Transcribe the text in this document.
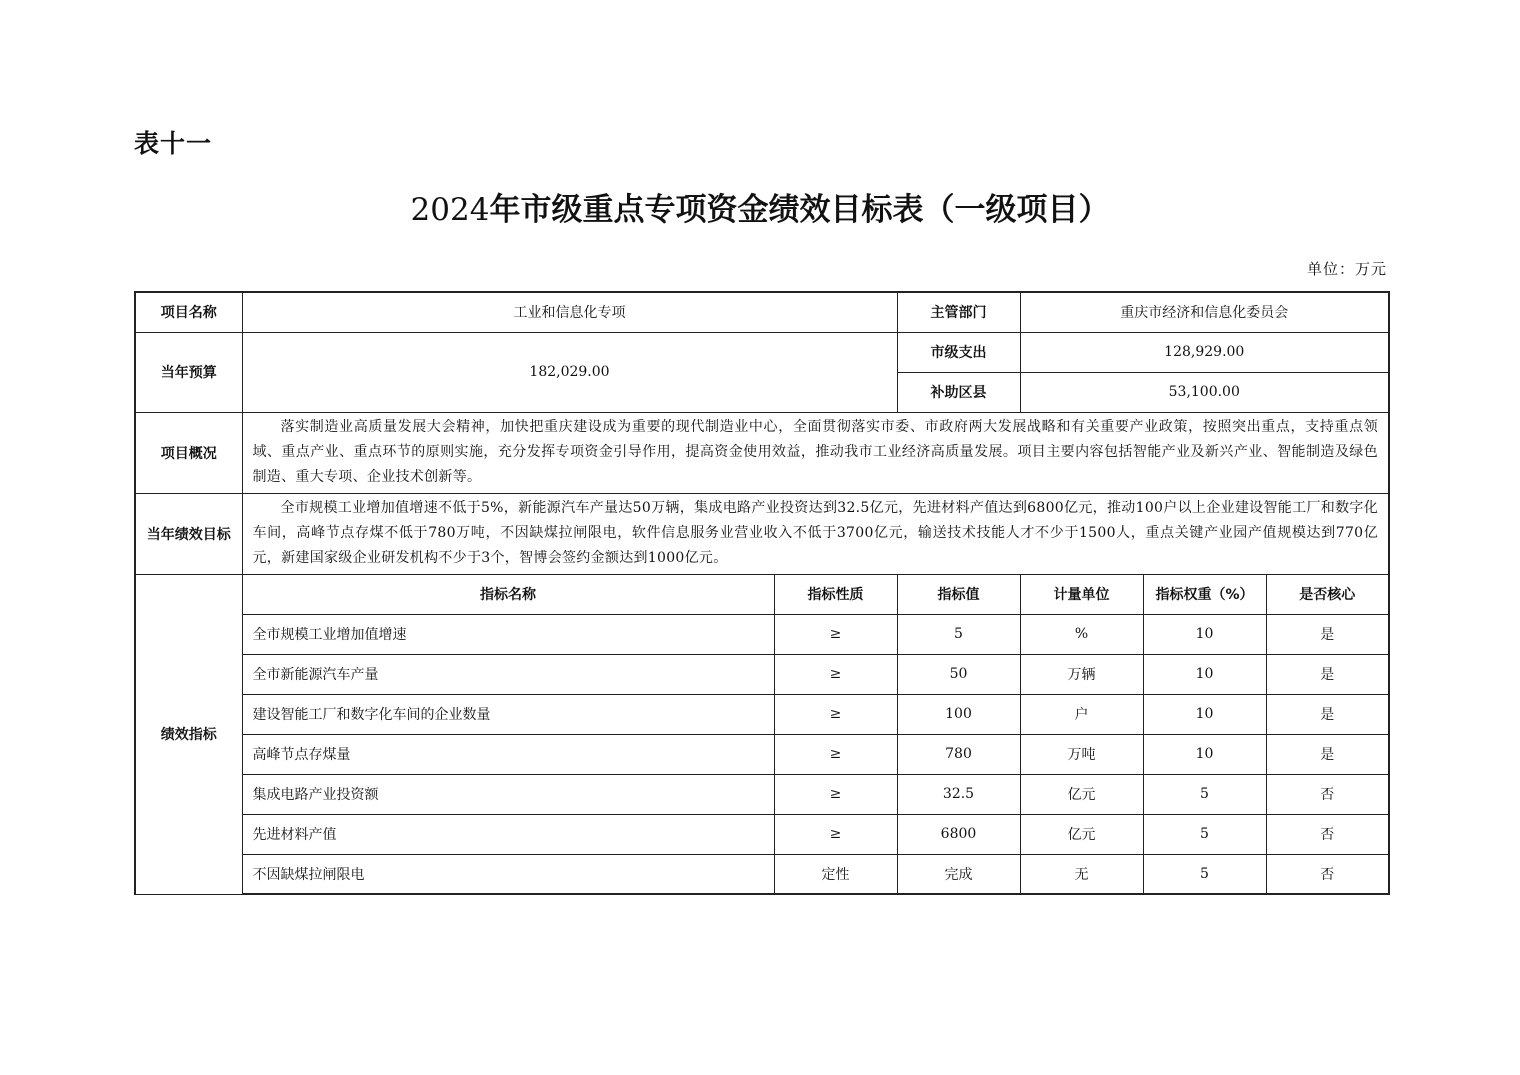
表十一
2024年市级重点专项资金绩效目标表（一级项目）
单位：万元
项目名称	工业和信息化专项		主管部门	重庆市经济和信息化委员会		
当年预算	182,029.00		市级支出	128,929.00		
			补助区县	53,100.00		
项目概况	落实制造业高质量发展大会精神，加快把重庆建设成为重要的现代制造业中心，全面贯彻落实市委、市政府两大发展战略和有关重要产业政策，按照突出重点，支持重点领域、重点产业、重点环节的原则实施，充分发挥专项资金引导作用，提高资金使用效益，推动我市工业经济高质量发展。项目主要内容包括智能产业及新兴产业、智能制造及绿色制造、重大专项、企业技术创新等。					
当年绩效目标	全市规模工业增加值增速不低于5%，新能源汽车产量达50万辆，集成电路产业投资达到32.5亿元，先进材料产值达到6800亿元，推动100户以上企业建设智能工厂和数字化车间，高峰节点存煤不低于780万吨，不因缺煤拉闸限电，软件信息服务业营业收入不低于3700亿元，输送技术技能人才不少于1500人，重点关键产业园产值规模达到770亿元，新建国家级企业研发机构不少于3个，智博会签约金额达到1000亿元。					
绩效指标	指标名称	指标性质	指标值	计量单位	指标权重（%）	是否核心
	全市规模工业增加值增速	≥	5	%	10	是
	全市新能源汽车产量	≥	50	万辆	10	是
	建设智能工厂和数字化车间的企业数量	≥	100	户	10	是
	高峰节点存煤量	≥	780	万吨	10	是
	集成电路产业投资额	≥	32.5	亿元	5	否
	先进材料产值	≥	6800	亿元	5	否
	不因缺煤拉闸限电	定性	完成	无	5	否
